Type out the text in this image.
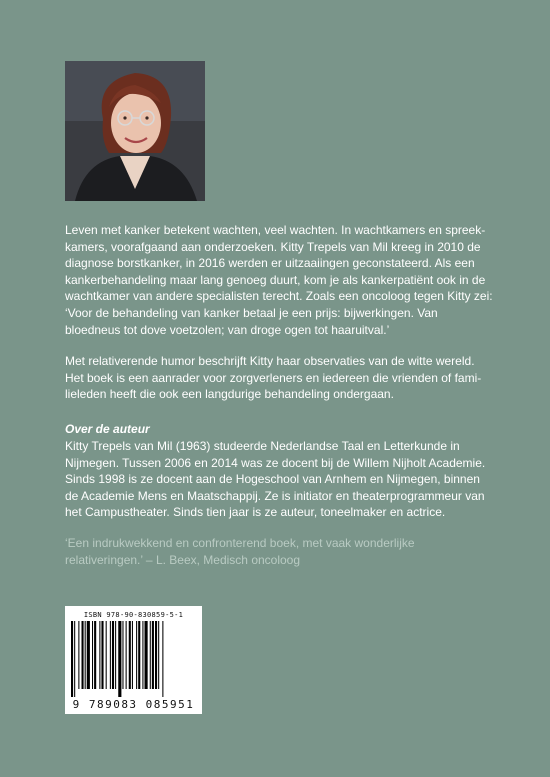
Leven met kanker betekent wachten, veel wachten. In wachtkamers en spreekkamers, voorafgaand aan onderzoeken. Kitty Trepels van Mil kreeg in 2010 de diagnose borstkanker, in 2016 werden er uitzaaiingen geconstateerd. Als een kankerbehandeling maar lang genoeg duurt, kom je als kankerpatiënt ook in de wachtkamer van andere specialisten terecht. Zoals een oncoloog tegen Kitty zei: ‘Voor de behandeling van kanker betaal je een prijs: bijwerkingen. Van bloedneus tot dove voetzolen; van droge ogen tot haaruitval.’

Met relativerende humor beschrijft Kitty haar observaties van de witte wereld. Het boek is een aanrader voor zorgverleners en iedereen die vrienden of familieleden heeft die ook een langdurige behandeling ondergaan.

Over de auteur

Kitty Trepels van Mil (1963) studeerde Nederlandse Taal en Letterkunde in Nijmegen. Tussen 2006 en 2014 was ze docent bij de Willem Nijholt Academie. Sinds 1998 is ze docent aan de Hogeschool van Arnhem en Nijmegen, binnen de Academie Mens en Maatschappij. Ze is initiator en theaterprogrammeur van het Campustheater. Sinds tien jaar is ze auteur, toneelmaker en actrice.

‘Een indrukwekkend en confronterend boek, met vaak wonderlijke relativeringen.’ – L. Beex, Medisch oncoloog
ISBN 978-90-830859-5-1
9 789083 085951
